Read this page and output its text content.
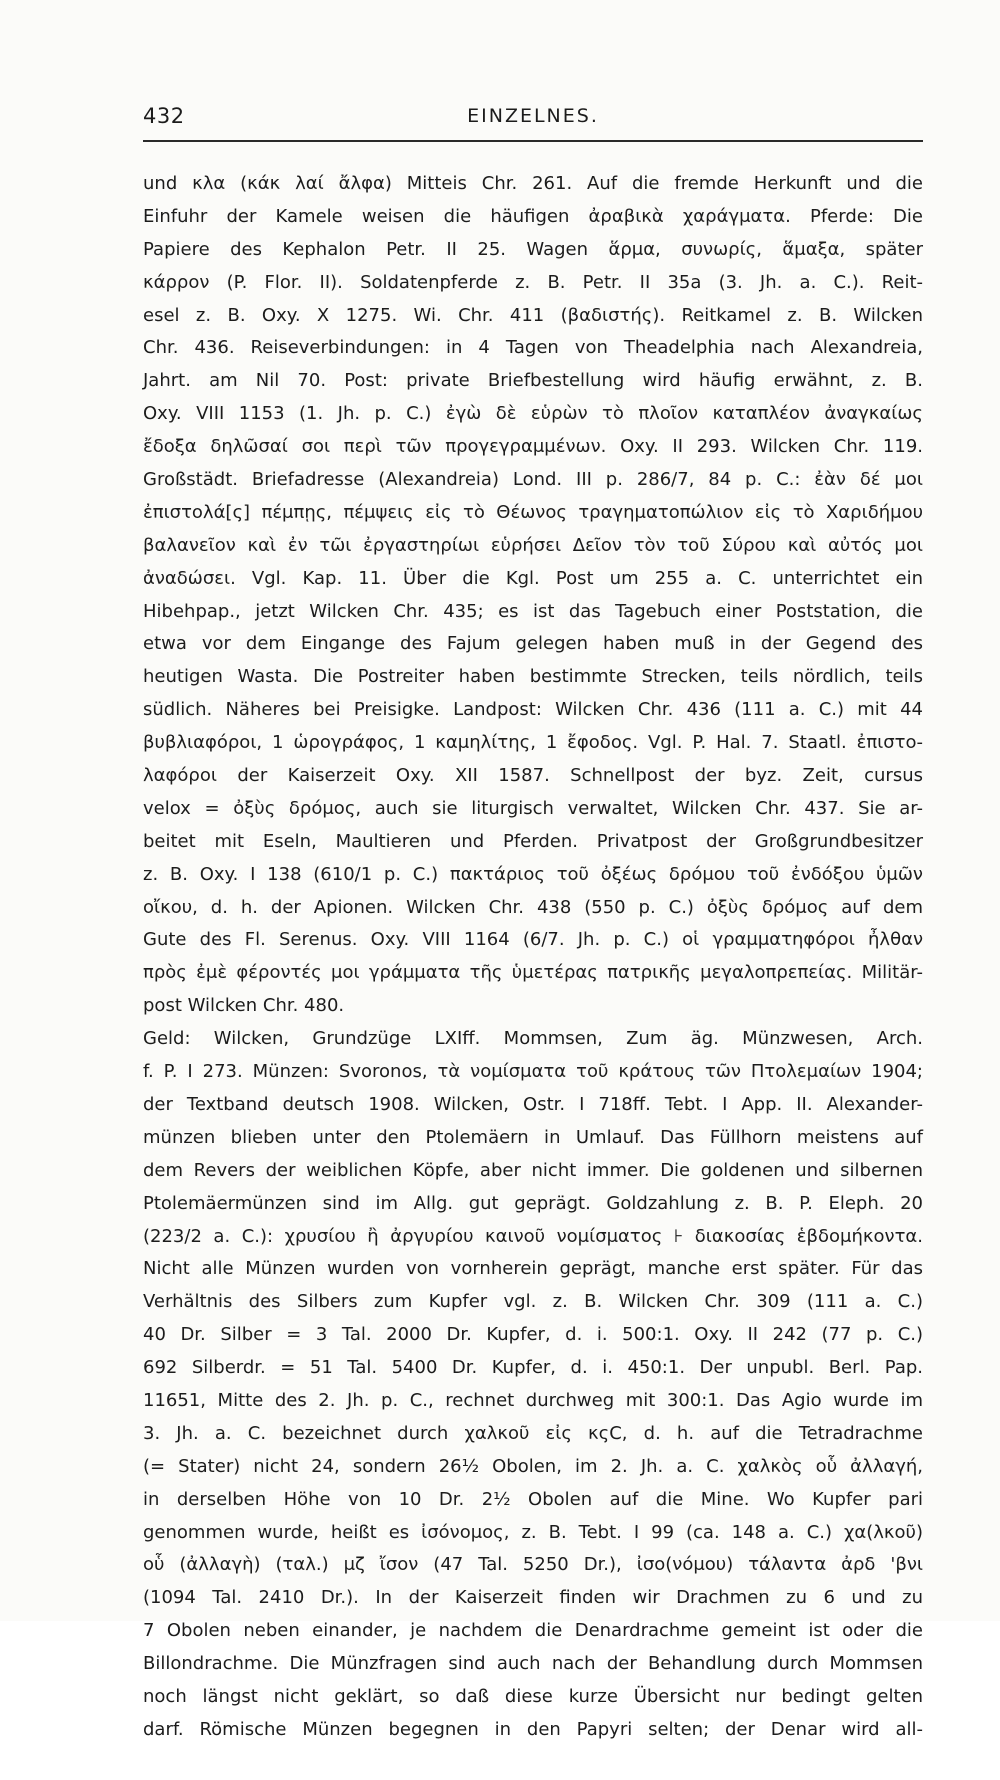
432	EINZELNES.
und κλα (κάκ λαί ἄλφα) Mitteis Chr. 261. Auf die fremde Herkunft und die
Einfuhr der Kamele weisen die häufigen ἀραβικὰ χαράγματα. Pferde: Die
Papiere des Kephalon Petr. II 25. Wagen ἅρμα, συνωρίς, ἅμαξα, später
κάρρον (P. Flor. II). Soldatenpferde z. B. Petr. II 35a (3. Jh. a. C.). Reit-
esel z. B. Oxy. X 1275. Wi. Chr. 411 (βαδιστής). Reitkamel z. B. Wilcken
Chr. 436. Reiseverbindungen: in 4 Tagen von Theadelphia nach Alexandreia,
Jahrt. am Nil 70. Post: private Briefbestellung wird häufig erwähnt, z. B.
Oxy. VIII 1153 (1. Jh. p. C.) ἐγὼ δὲ εὑρὼν τὸ πλοῖον καταπλέον ἀναγκαίως
ἔδοξα δηλῶσαί σοι περὶ τῶν προγεγραμμένων. Oxy. II 293. Wilcken Chr. 119.
Großstädt. Briefadresse (Alexandreia) Lond. III p. 286/7, 84 p. C.: ἐὰν δέ μοι
ἐπιστολά[ς] πέμπῃς, πέμψεις εἰς τὸ Θέωνος τραγηματοπώλιον εἰς τὸ Χαριδήμου
βαλανεῖον καὶ ἐν τῶι ἐργαστηρίωι εὑρήσει Δεῖον τὸν τοῦ Σύρου καὶ αὐτός μοι
ἀναδώσει. Vgl. Kap. 11. Über die Kgl. Post um 255 a. C. unterrichtet ein
Hibehpap., jetzt Wilcken Chr. 435; es ist das Tagebuch einer Poststation, die
etwa vor dem Eingange des Fajum gelegen haben muß in der Gegend des
heutigen Wasta. Die Postreiter haben bestimmte Strecken, teils nördlich, teils
südlich. Näheres bei Preisigke. Landpost: Wilcken Chr. 436 (111 a. C.) mit 44
βυβλιαφόροι, 1 ὡρογράφος, 1 καμηλίτης, 1 ἔφοδος. Vgl. P. Hal. 7. Staatl. ἐπιστο-
λαφόροι der Kaiserzeit Oxy. XII 1587. Schnellpost der byz. Zeit, cursus
velox = ὀξὺς δρόμος, auch sie liturgisch verwaltet, Wilcken Chr. 437. Sie ar-
beitet mit Eseln, Maultieren und Pferden. Privatpost der Großgrundbesitzer
z. B. Oxy. I 138 (610/1 p. C.) πακτάριος τοῦ ὀξέως δρόμου τοῦ ἐνδόξου ὑμῶν
οἴκου, d. h. der Apionen. Wilcken Chr. 438 (550 p. C.) ὀξὺς δρόμος auf dem
Gute des Fl. Serenus. Oxy. VIII 1164 (6/7. Jh. p. C.) οἱ γραμματηφόροι ἦλθαν
πρὸς ἐμὲ φέροντές μοι γράμματα τῆς ὑμετέρας πατρικῆς μεγαλοπρεπείας. Militär-
post Wilcken Chr. 480.
Geld: Wilcken, Grundzüge LXIff. Mommsen, Zum äg. Münzwesen, Arch.
f. P. I 273. Münzen: Svoronos, τὰ νομίσματα τοῦ κράτους τῶν Πτολεμαίων 1904;
der Textband deutsch 1908. Wilcken, Ostr. I 718ff. Tebt. I App. II. Alexander-
münzen blieben unter den Ptolemäern in Umlauf. Das Füllhorn meistens auf
dem Revers der weiblichen Köpfe, aber nicht immer. Die goldenen und silbernen
Ptolemäermünzen sind im Allg. gut geprägt. Goldzahlung z. B. P. Eleph. 20
(223/2 a. C.): χρυσίου ἢ ἀργυρίου καινοῦ νομίσματος ⊦ διακοσίας ἑβδομήκοντα.
Nicht alle Münzen wurden von vornherein geprägt, manche erst später. Für das
Verhältnis des Silbers zum Kupfer vgl. z. B. Wilcken Chr. 309 (111 a. C.)
40 Dr. Silber = 3 Tal. 2000 Dr. Kupfer, d. i. 500:1. Oxy. II 242 (77 p. C.)
692 Silberdr. = 51 Tal. 5400 Dr. Kupfer, d. i. 450:1. Der unpubl. Berl. Pap.
11651, Mitte des 2. Jh. p. C., rechnet durchweg mit 300:1. Das Agio wurde im
3. Jh. a. C. bezeichnet durch χαλκοῦ εἰς κςC, d. h. auf die Tetradrachme
(= Stater) nicht 24, sondern 26½ Obolen, im 2. Jh. a. C. χαλκὸς οὗ ἀλλαγή,
in derselben Höhe von 10 Dr. 2½ Obolen auf die Mine. Wo Kupfer pari
genommen wurde, heißt es ἰσόνομος, z. B. Tebt. I 99 (ca. 148 a. C.) χα(λκοῦ)
οὗ (ἀλλαγὴ) (ταλ.) μζ ἴσον (47 Tal. 5250 Dr.), ἰσο(νόμου) τάλαντα ἀρδ 'βνι
(1094 Tal. 2410 Dr.). In der Kaiserzeit finden wir Drachmen zu 6 und zu
7 Obolen neben einander, je nachdem die Denardrachme gemeint ist oder die
Billondrachme. Die Münzfragen sind auch nach der Behandlung durch Mommsen
noch längst nicht geklärt, so daß diese kurze Übersicht nur bedingt gelten
darf. Römische Münzen begegnen in den Papyri selten; der Denar wird all-
